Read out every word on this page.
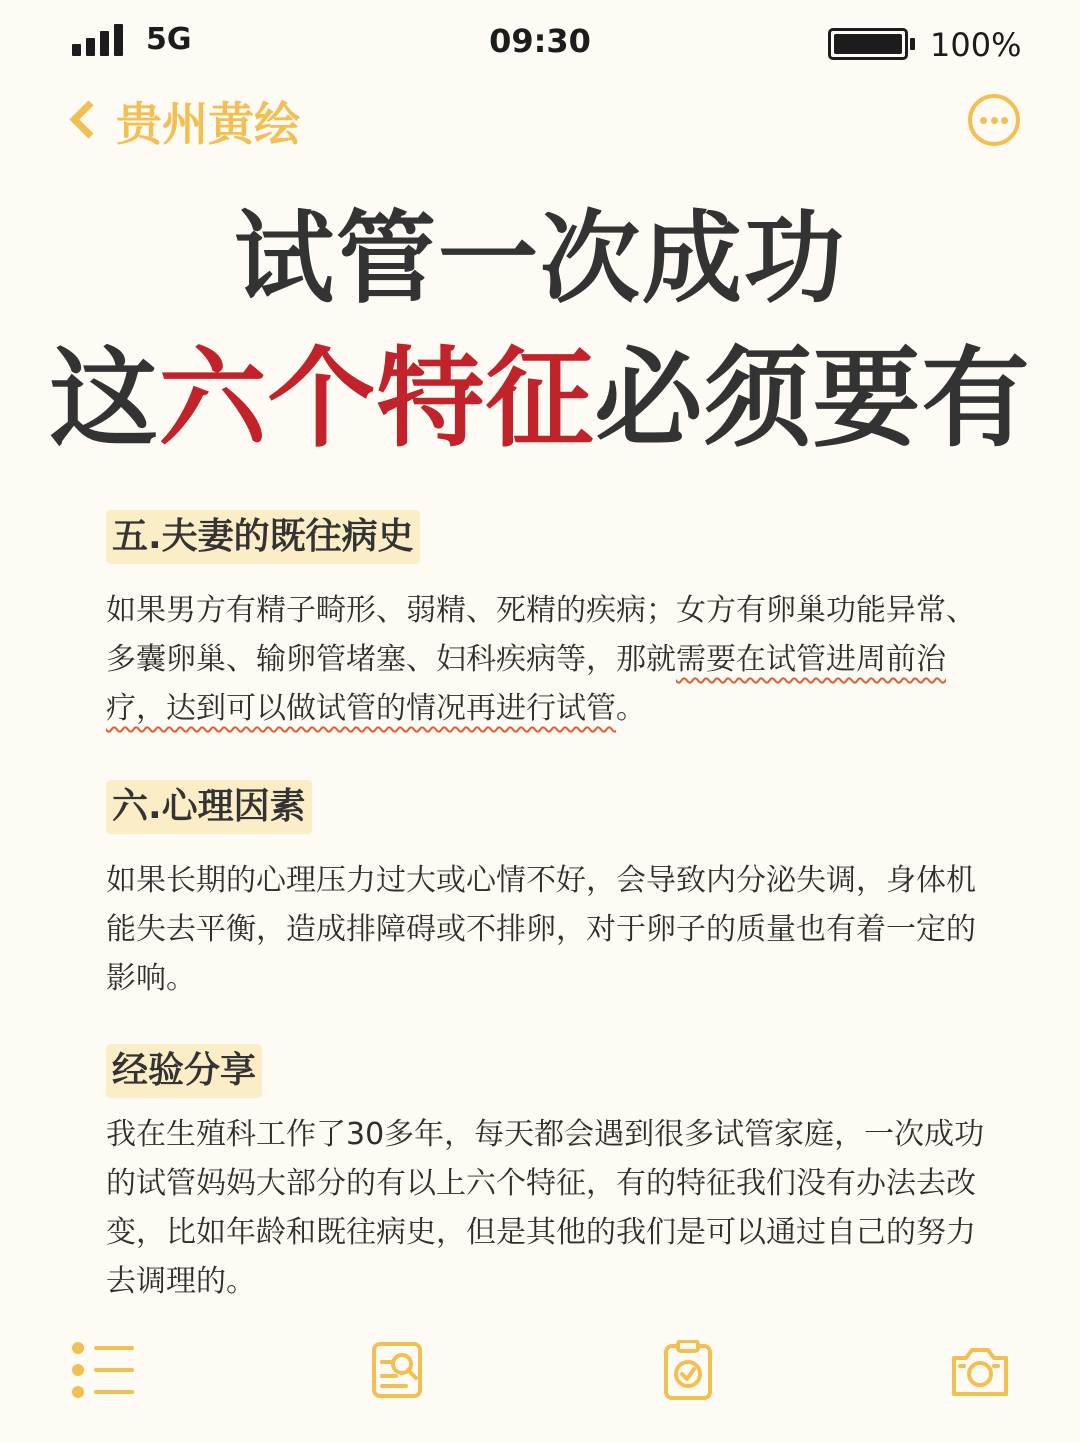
5G	09:30	100%
贵州黄绘
试管一次成功
这六个特征必须要有
五.夫妻的既往病史
如果男方有精子畸形、弱精、死精的疾病；女方有卵巢功能异常、多囊卵巢、输卵管堵塞、妇科疾病等，那就需要在试管进周前治疗，达到可以做试管的情况再进行试管。
六.心理因素
如果长期的心理压力过大或心情不好，会导致内分泌失调，身体机能失去平衡，造成排障碍或不排卵，对于卵子的质量也有着一定的影响。
经验分享
我在生殖科工作了30多年，每天都会遇到很多试管家庭，一次成功的试管妈妈大部分的有以上六个特征，有的特征我们没有办法去改变，比如年龄和既往病史，但是其他的我们是可以通过自己的努力去调理的。
